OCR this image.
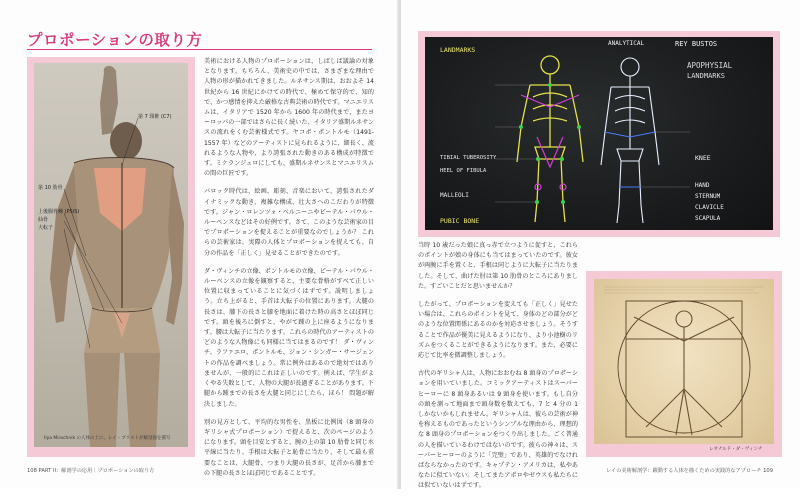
プロポーションの取り方
第 7 頸椎 (C7)
第 10 肋骨
上後腸骨棘 (PSIS)
仙骨
大転子
Ilya Mirochnik の人体の上に、レイ・ブリストが解剖図を描写

美術における人物のプロポーションは、しばしば議論の対象となります。もちろん、美術史の中では、さまざまな理由で人物の形が描かれてきました。ルネサンス期は、おおよそ 14 世紀から 16 世紀にかけての時代で、極めて保守的で、知的で、かつ感情を抑えた厳格な古典芸術の時代です。マニエリスムは、イタリアで 1520 年から 1600 年の時代まで、またヨーロッパの一部ではさらに長く続いた、イタリア盛期ルネサンスの流れをくむ芸術様式です。ヤコポ・ポントルモ（1491-1557 年）などのアーティストに見られるように、細長く、流れるような人物や、より誇張された動きのある構成が特徴です。ミケランジェロにしても、盛期ルネサンスとマニエリスムの間の巨匠です。

バロック時代は、絵画、彫刻、音楽において、誇張されたダイナミックな動き、複雑な構成、壮大さへのこだわりが特徴です。ジャン・ロレンツォ・ベルニーニやピーテル・パウル・ルーベンスなどはその好例です。さて、このような芸術家の目でプロポーションを捉えることが重要なのでしょうか？ これらの芸術家は、実際の人体とプロポーションを捉えても、自分の作品を「正しく」見せることができたのです。

ダ・ヴィンチの立像、ポントルモの立像、ピーテル・パウル・ルーベンスの立像を観察すると、主要な骨格がすべて正しい位置に収まっていることに気づくはずです。説明しましょう。立ち上がると、手首は大転子の位置にあります。大腿の長さは、膝下の長さと膝を地面に着けた時の高さとほぼ同じです。頭を後ろに倒すと、やがて踵の上に座るようになります。腰は大転子に当たります。これらの時代のアーティストのどのような人物像にも同様に当てはまるのです！ ダ・ヴィンチ、ラファエロ、ポントルモ、ジョン・シンガー・サージェントの作品を調べましょう。常に例外はあるので絶対ではありませんが、一般的にこれは正しいのです。例えば、学生がよくやる失敗として、人物の大腿が長過ぎることがあります。下腿から踵までの長さを大腿と同じにしたら、ほら！ 問題が解決しました。

別の見方として、平均的な男性を、黒板に比例図（8 頭身のギリシャ式プロポーション）で捉えると、次のページのようになります。頭を目安とすると、腕の上の第 10 肋骨と同じ水平線に当たり、手根は大転子と恥骨に当たり、そして最も重要なことは、大腿骨、つまり大腿の長さが、足首から膝までの下腿の長さとほぼ同じであることです。

108 PART II：解剖学の応用｜プロポーションの取り方
LANDMARKS
ANALYTICAL	REY BUSTOS
APOPHYSIAL
LANDMARKS
TIBIAL TUBEROSITY
HEEL OF FIBULA
MALLEOLI
PUBIC BONE
KNEE
HAND
STERNUM
CLAVICLE
SCAPULA

当時 10 歳だった娘に真っ赤で立つように促すと、これらのポイントが娘の身体にも当てはまっていたのです。彼女が両腕に手を置くと、手根は同じように大転子に当たりました。そして、曲げた肘は第 10 肋骨のところにありました。すごいことだと思いませんか？

したがって、プロポーションを変えても「正しく」見せたい場合は、これらのポイントを見て、身体のどの部分がどのような位置関係にあるのかを対応させましょう。そうすることで作品が優美に見えるようになり、より小池樹のリズムをつくることができるようになります。また、必要に応じて比率を微調整しましょう。

古代のギリシャ人は、人物におおむね 8 頭身のプロポーションを用いていました。コミックアーティストはスーパーヒーローに 8 頭身あるいは 9 頭身を使います。もし自分の頭を測って地面まで頭身数を数えても、7 と 4 分の 1 しかないかもしれません。ギリシャ人は、彼らの芸術が神を称えるものであったというシンプルな理由から、理想的な 8 頭身のプロポーションをつくり出しました。ごく普通の人を描いているわけではないのです。彼らの神々は、スーパーヒーローのように「完璧」であり、英雄的でなければならなかったのです。キャプテン・アメリカは、私やあなたに似ていない。そしてまたアポロやゼウスも私たちには似ていないはずです。

レオナルド・ダ・ヴィンチ
レイの美術解剖学：躍動する人体を描くための実践的なアプローチ 109
